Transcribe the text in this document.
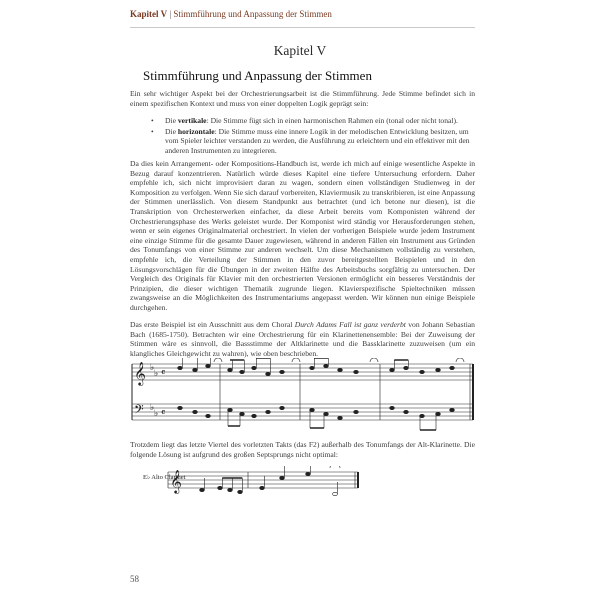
Kapitel V | Stimmführung und Anpassung der Stimmen
Kapitel V
Stimmführung und Anpassung der Stimmen

Ein sehr wichtiger Aspekt bei der Orchestrierungsarbeit ist die Stimmführung. Jede Stimme befindet sich in einem spezifischen Kontext und muss von einer doppelten Logik geprägt sein:

• Die vertikale: Die Stimme fügt sich in einen harmonischen Rahmen ein (tonal oder nicht tonal).
• Die horizontale: Die Stimme muss eine innere Logik in der melodischen Entwicklung besitzen, um vom Spieler leichter verstanden zu werden, die Ausführung zu erleichtern und ein effektiver mit den anderen Instrumenten zu integrieren.

Da dies kein Arrangement- oder Kompositions-Handbuch ist, werde ich mich auf einige wesentliche Aspekte in Bezug darauf konzentrieren. Natürlich würde dieses Kapitel eine tiefere Untersuchung erfordern. Daher empfehle ich, sich nicht improvisiert daran zu wagen, sondern einen vollständigen Studienweg in der Komposition zu verfolgen. Wenn Sie sich darauf vorbereiten, Klaviermusik zu transkribieren, ist eine Anpassung der Stimmen unerlässlich. Von diesem Standpunkt aus betrachtet (und ich betone nur diesen), ist die Transkription von Orchesterwerken einfacher, da diese Arbeit bereits vom Komponisten während der Orchestrierungsphase des Werks geleistet wurde. Der Komponist wird ständig vor Herausforderungen stehen, wenn er sein eigenes Originalmaterial orchestriert. In vielen der vorherigen Beispiele wurde jedem Instrument eine einzige Stimme für die gesamte Dauer zugewiesen, während in anderen Fällen ein Instrument aus Gründen des Tonumfangs von einer Stimme zur anderen wechselt. Um diese Mechanismen vollständig zu verstehen, empfehle ich, die Verteilung der Stimmen in den zuvor bereitgestellten Beispielen und in den Lösungsvorschlägen für die Übungen in der zweiten Hälfte des Arbeitsbuchs sorgfältig zu untersuchen. Der Vergleich des Originals für Klavier mit den orchestrierten Versionen ermöglicht ein besseres Verständnis der Prinzipien, die dieser wichtigen Thematik zugrunde liegen. Klavierspezifische Spieltechniken müssen zwangsweise an die Möglichkeiten des Instrumentariums angepasst werden. Wir können nun einige Beispiele durchgehen.

Das erste Beispiel ist ein Ausschnitt aus dem Choral Durch Adams Fall ist ganz verderbt von Johann Sebastian Bach (1685-1750). Betrachten wir eine Orchestrierung für ein Klarinettenensemble: Bei der Zuweisung der Stimmen wäre es sinnvoll, die Bassstimme der Altklarinette und die Bassklarinette zuzuweisen (um ein klangliches Gleichgewicht zu wahren), wie oben beschrieben.

𝄞
𝄢
♭
♭
♭
♭
𝄴
𝄴

Trotzdem liegt das letzte Viertel des vorletzten Takts (das F2) außerhalb des Tonumfangs der Alt-Klarinette. Die folgende Lösung ist aufgrund des großen Septsprungs nicht optimal:

E♭ Alto Clarinet
𝄞
58
